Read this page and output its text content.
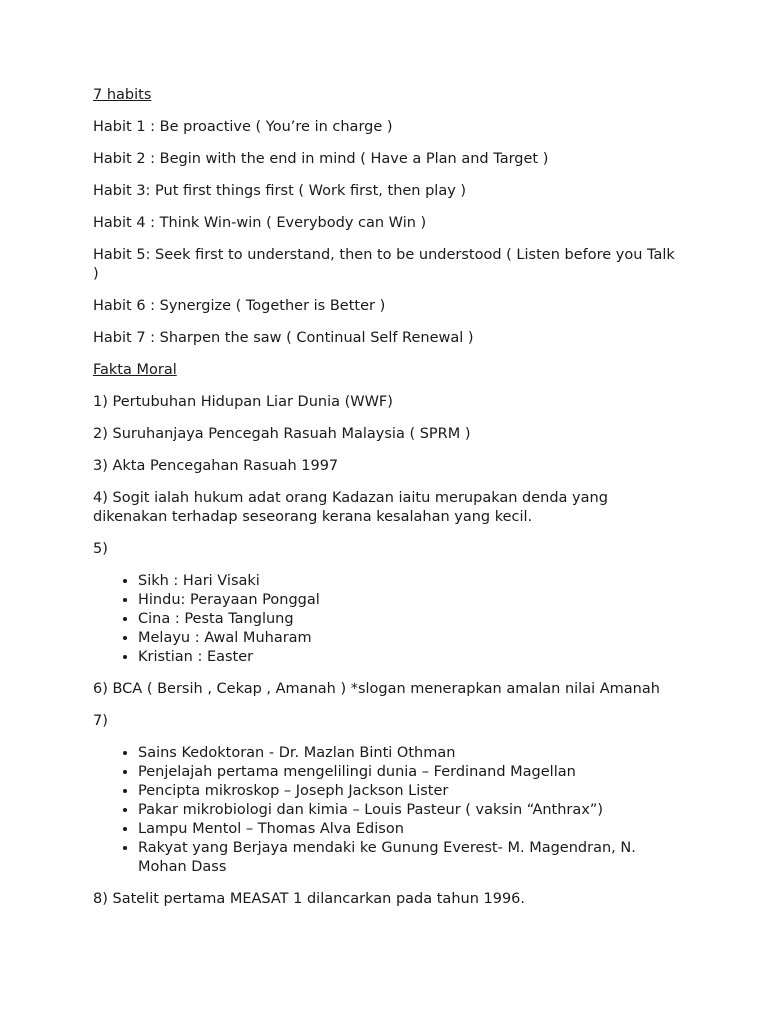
7 habits

Habit 1 : Be proactive ( You’re in charge )

Habit 2 : Begin with the end in mind ( Have a Plan and Target )

Habit 3: Put first things first ( Work first, then play )

Habit 4 : Think Win-win ( Everybody can Win )

Habit 5: Seek first to understand, then to be understood ( Listen before you Talk )

Habit 6 : Synergize ( Together is Better )

Habit 7 : Sharpen the saw ( Continual Self Renewal )

Fakta Moral

1) Pertubuhan Hidupan Liar Dunia (WWF)

2) Suruhanjaya Pencegah Rasuah Malaysia ( SPRM )

3) Akta Pencegahan Rasuah 1997

4) Sogit ialah hukum adat orang Kadazan iaitu merupakan denda yang dikenakan terhadap seseorang kerana kesalahan yang kecil.

5)

• Sikh : Hari Visaki
• Hindu: Perayaan Ponggal
• Cina : Pesta Tanglung
• Melayu : Awal Muharam
• Kristian : Easter

6) BCA ( Bersih , Cekap , Amanah ) *slogan menerapkan amalan nilai Amanah

7)

• Sains Kedoktoran - Dr. Mazlan Binti Othman
• Penjelajah pertama mengelilingi dunia – Ferdinand Magellan
• Pencipta mikroskop – Joseph Jackson Lister
• Pakar mikrobiologi dan kimia – Louis Pasteur ( vaksin “Anthrax”)
• Lampu Mentol – Thomas Alva Edison
• Rakyat yang Berjaya mendaki ke Gunung Everest- M. Magendran, N. Mohan Dass

8) Satelit pertama MEASAT 1 dilancarkan pada tahun 1996.
